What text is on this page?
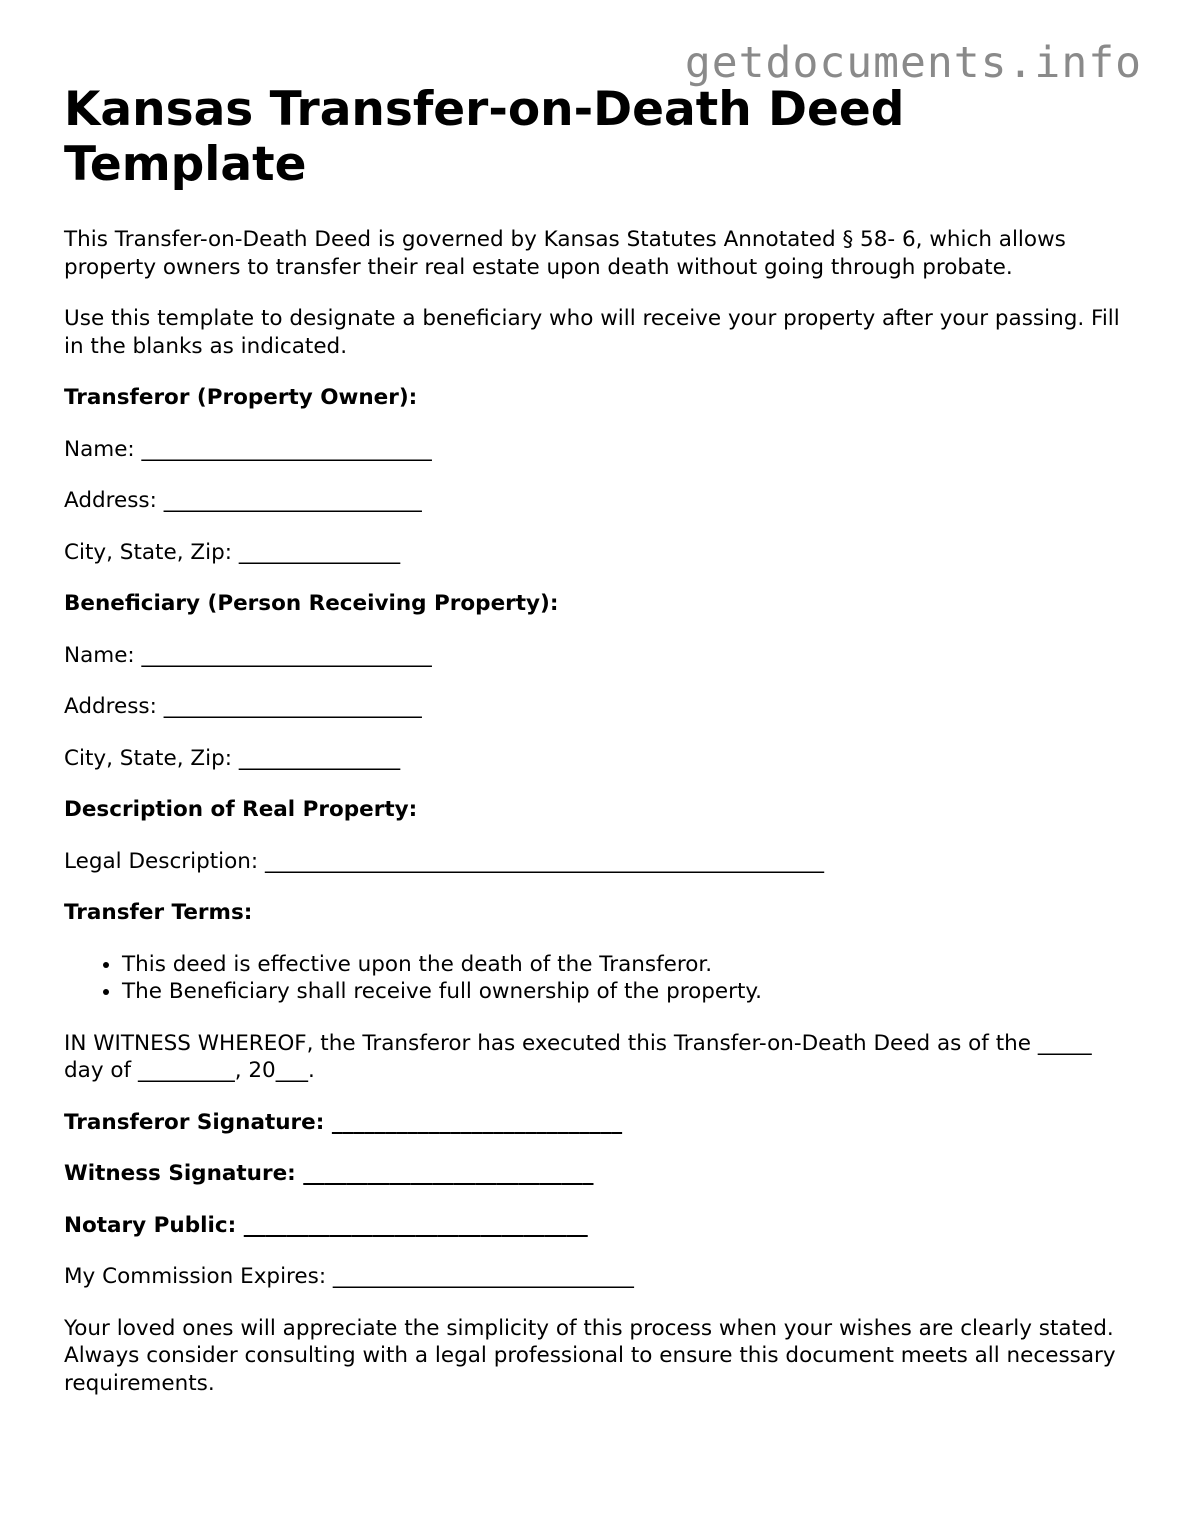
getdocuments.info
Kansas Transfer-on-Death Deed Template

This Transfer-on-Death Deed is governed by Kansas Statutes Annotated § 58- 6, which allows property owners to transfer their real estate upon death without going through probate.

Use this template to designate a beneficiary who will receive your property after your passing. Fill in the blanks as indicated.

Transferor (Property Owner):

Name: ___________________________

Address: ________________________

City, State, Zip: _______________

Beneficiary (Person Receiving Property):

Name: ___________________________

Address: ________________________

City, State, Zip: _______________

Description of Real Property:

Legal Description: ____________________________________________________

Transfer Terms:

• This deed is effective upon the death of the Transferor.
• The Beneficiary shall receive full ownership of the property.

IN WITNESS WHEREOF, the Transferor has executed this Transfer-on-Death Deed as of the _____ day of _________, 20___.

Transferor Signature: ___________________________

Witness Signature: ___________________________

Notary Public: ________________________________

My Commission Expires: ____________________________

Your loved ones will appreciate the simplicity of this process when your wishes are clearly stated. Always consider consulting with a legal professional to ensure this document meets all necessary requirements.
